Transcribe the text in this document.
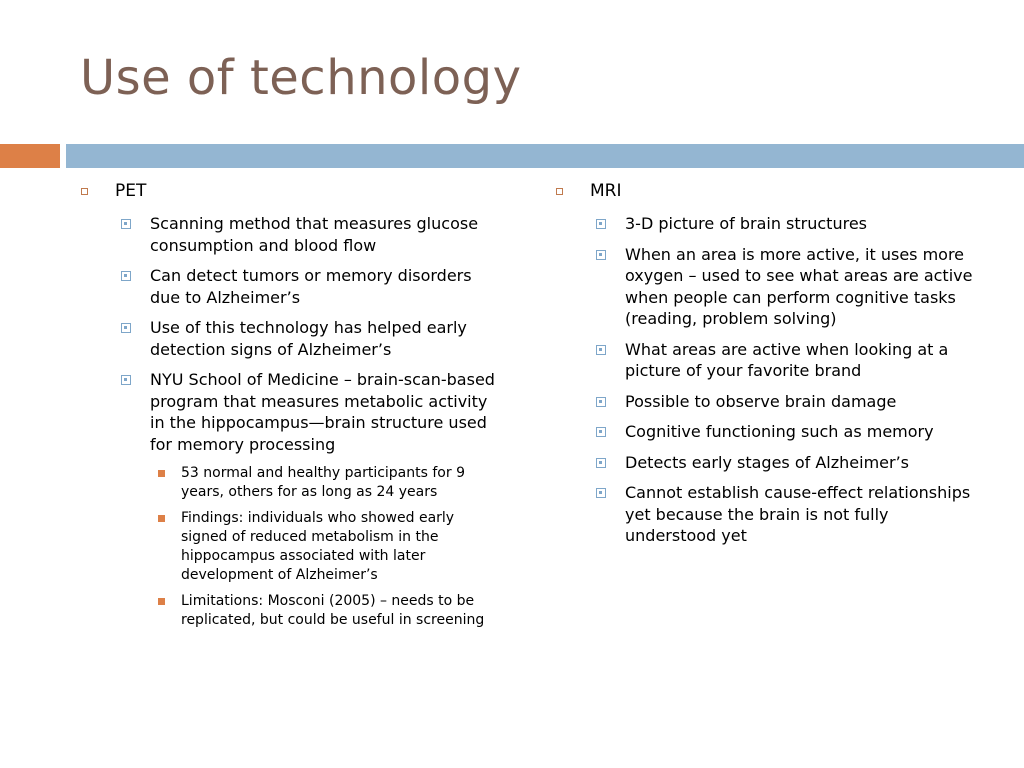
Use of technology
PET
Scanning method that measures glucose consumption and blood flow
Can detect tumors or memory disorders due to Alzheimer’s
Use of this technology has helped early detection signs of Alzheimer’s
NYU School of Medicine – brain-scan-based program that measures metabolic activity in the hippocampus—brain structure used for memory processing
53 normal and healthy participants for 9 years, others for as long as 24 years
Findings: individuals who showed early signed of reduced metabolism in the hippocampus associated with later development of Alzheimer’s
Limitations: Mosconi (2005) – needs to be replicated, but could be useful in screening
MRI
3-D picture of brain structures
When an area is more active, it uses more oxygen – used to see what areas are active when people can perform cognitive tasks (reading, problem solving)
What areas are active when looking at a picture of your favorite brand
Possible to observe brain damage
Cognitive functioning such as memory
Detects early stages of Alzheimer’s
Cannot establish cause-effect relationships yet because the brain is not fully understood yet
